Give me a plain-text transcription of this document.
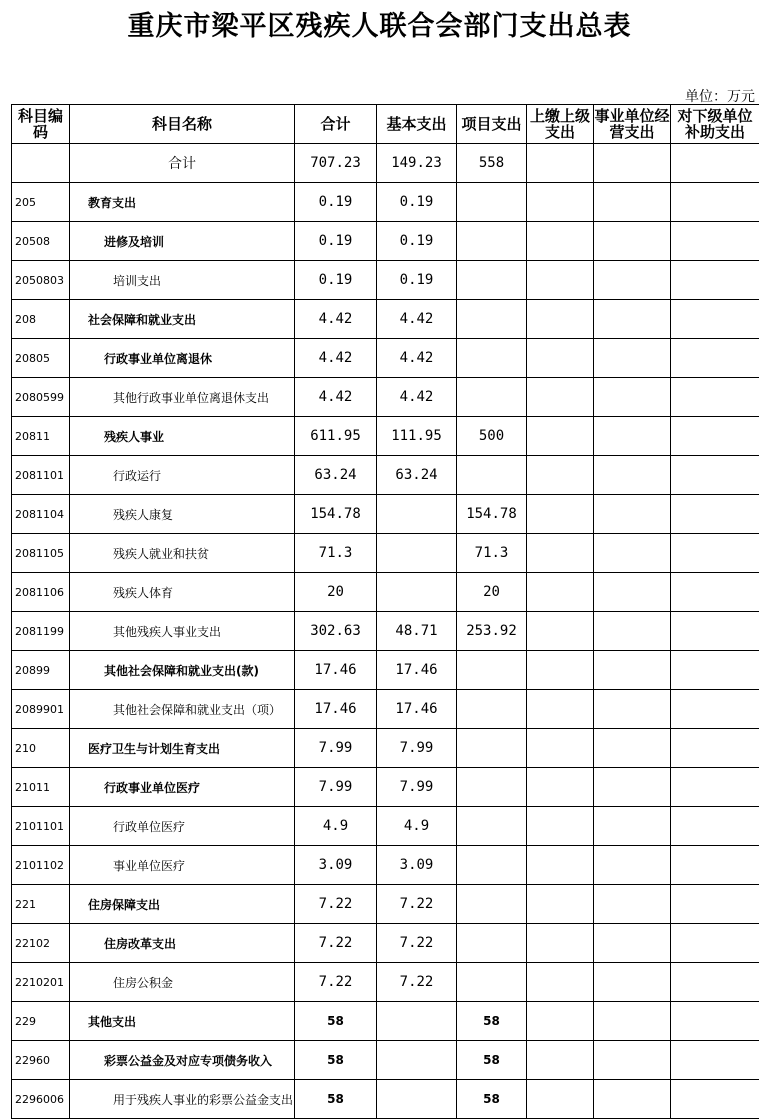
重庆市梁平区残疾人联合会部门支出总表
单位：万元
科目编码	科目名称	合计	基本支出	项目支出	上缴上级支出	事业单位经营支出	对下级单位补助支出
	合计	707.23	149.23	558			
205	教育支出	0.19	0.19				
20508	进修及培训	0.19	0.19				
2050803	培训支出	0.19	0.19				
208	社会保障和就业支出	4.42	4.42				
20805	行政事业单位离退休	4.42	4.42				
2080599	其他行政事业单位离退休支出	4.42	4.42				
20811	残疾人事业	611.95	111.95	500			
2081101	行政运行	63.24	63.24				
2081104	残疾人康复	154.78		154.78			
2081105	残疾人就业和扶贫	71.3		71.3			
2081106	残疾人体育	20		20			
2081199	其他残疾人事业支出	302.63	48.71	253.92			
20899	其他社会保障和就业支出(款)	17.46	17.46				
2089901	其他社会保障和就业支出（项）	17.46	17.46				
210	医疗卫生与计划生育支出	7.99	7.99				
21011	行政事业单位医疗	7.99	7.99				
2101101	行政单位医疗	4.9	4.9				
2101102	事业单位医疗	3.09	3.09				
221	住房保障支出	7.22	7.22				
22102	住房改革支出	7.22	7.22				
2210201	住房公积金	7.22	7.22				
229	其他支出	58		58			
22960	彩票公益金及对应专项债务收入	58		58			
2296006	用于残疾人事业的彩票公益金支出	58		58			
